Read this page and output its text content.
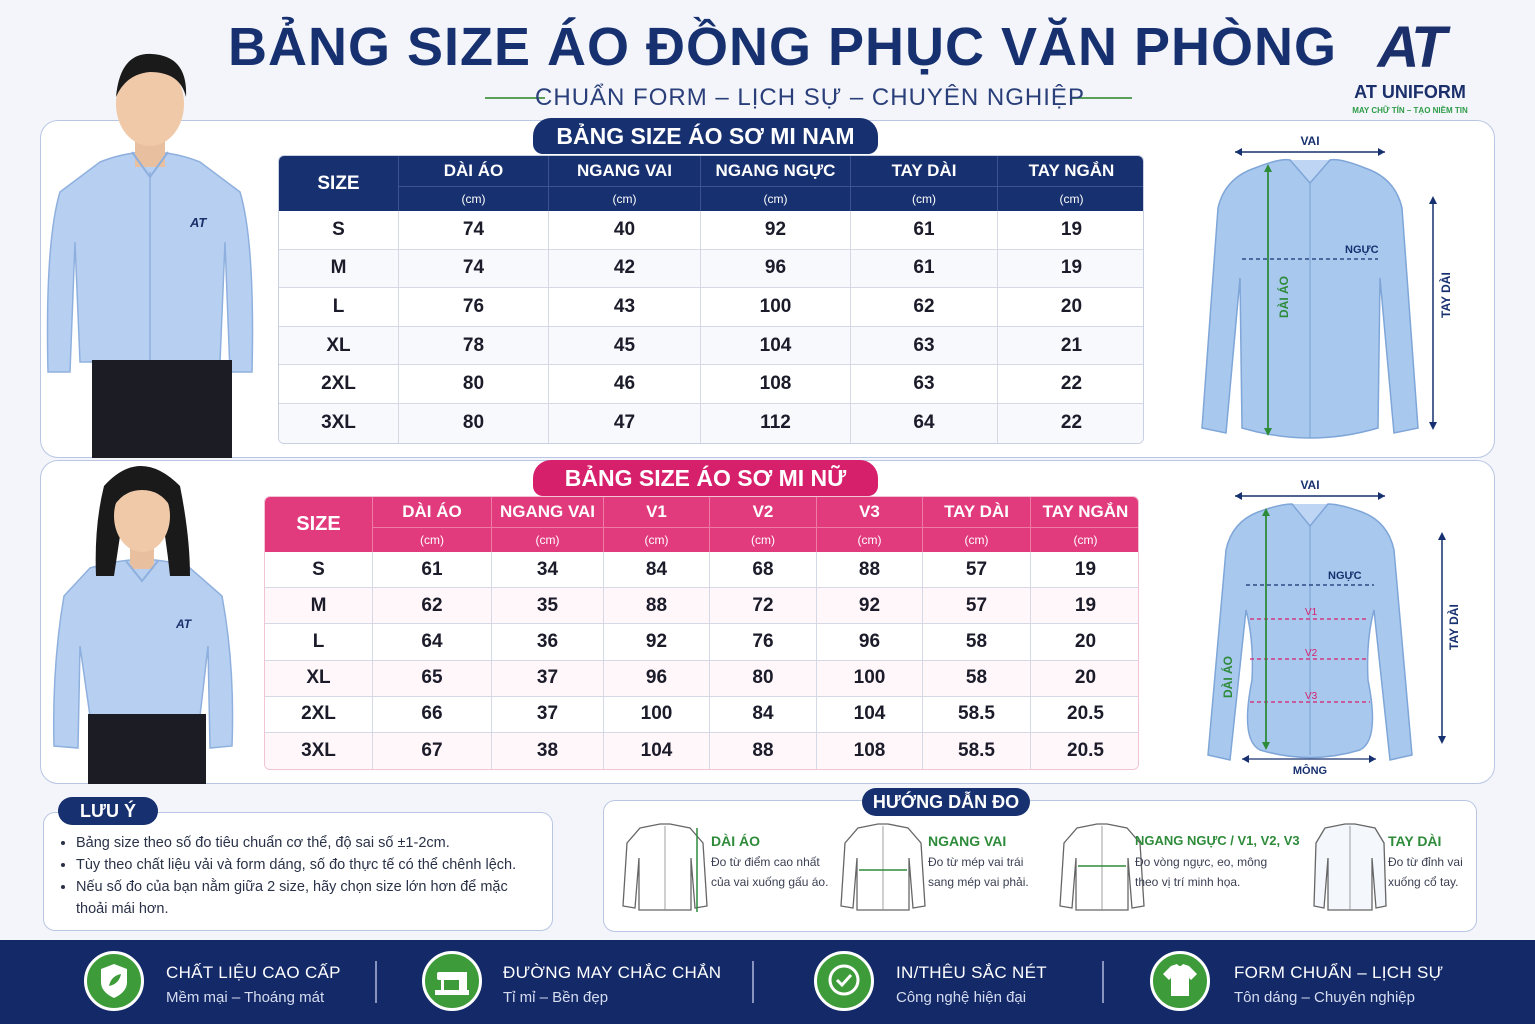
BẢNG SIZE ÁO ĐỒNG PHỤC VĂN PHÒNG
CHUẨN FORM – LỊCH SỰ – CHUYÊN NGHIỆP
AT
AT UNIFORM
MAY CHỮ TÍN – TẠO NIỀM TIN
BẢNG SIZE ÁO SƠ MI NAM
AT
SIZE	DÀI ÁO	NGANG VAI	NGANG NGỰC	TAY DÀI	TAY NGẮN
	(cm)	(cm)	(cm)	(cm)	(cm)
S	74	40	92	61	19
M	74	42	96	61	19
L	76	43	100	62	20
XL	78	45	104	63	21
2XL	80	46	108	63	22
3XL	80	47	112	64	22
VAI
NGỰC
DÀI ÁO	TAY DÀI
BẢNG SIZE ÁO SƠ MI NỮ
AT
SIZE	DÀI ÁO	NGANG VAI	V1	V2	V3	TAY DÀI	TAY NGẮN
	(cm)	(cm)	(cm)	(cm)	(cm)	(cm)	(cm)
S	61	34	84	68	88	57	19
M	62	35	88	72	92	57	19
L	64	36	92	76	96	58	20
XL	65	37	96	80	100	58	20
2XL	66	37	100	84	104	58.5	20.5
3XL	67	38	104	88	108	58.5	20.5
VAI
NGỰC
V1
V2
V3
DÀI ÁO
TAY DÀI
MÔNG
LƯU Ý
• Bảng size theo số đo tiêu chuẩn cơ thể, độ sai số ±1-2cm.
• Tùy theo chất liệu vải và form dáng, số đo thực tế có thể chênh lệch.
• Nếu số đo của bạn nằm giữa 2 size, hãy chọn size lớn hơn để mặc thoải mái hơn.
HƯỚNG DẪN ĐO
DÀI ÁO
Đo từ điểm cao nhất
của vai xuống gấu áo.
NGANG VAI
Đo từ mép vai trái
sang mép vai phải.
NGANG NGỰC / V1, V2, V3
Đo vòng ngực, eo, mông
theo vị trí minh họa.
TAY DÀI
Đo từ đỉnh vai
xuống cổ tay.
CHẤT LIỆU CAO CẤP
Mềm mại – Thoáng mát
ĐƯỜNG MAY CHẮC CHẮN
Tỉ mỉ – Bền đẹp
IN/THÊU SẮC NÉT
Công nghệ hiện đại
FORM CHUẨN – LỊCH SỰ
Tôn dáng – Chuyên nghiệp
